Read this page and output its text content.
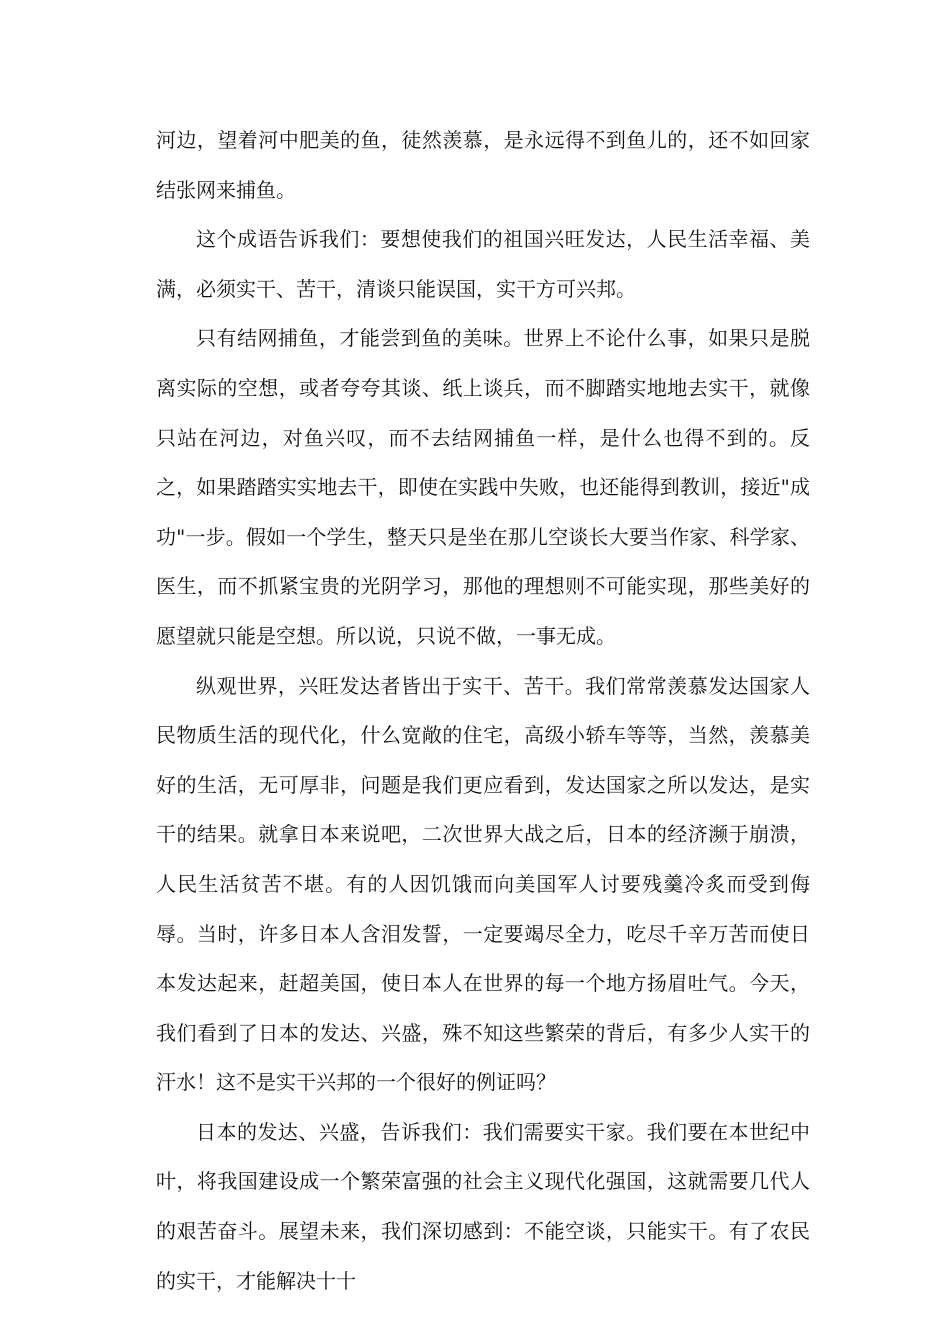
河边，望着河中肥美的鱼，徒然羡慕，是永远得不到鱼儿的，还不如回家结张网来捕鱼。

这个成语告诉我们：要想使我们的祖国兴旺发达，人民生活幸福、美满，必须实干、苦干，清谈只能误国，实干方可兴邦。

只有结网捕鱼，才能尝到鱼的美味。世界上不论什么事，如果只是脱离实际的空想，或者夸夸其谈、纸上谈兵，而不脚踏实地地去实干，就像只站在河边，对鱼兴叹，而不去结网捕鱼一样，是什么也得不到的。反之，如果踏踏实实地去干，即使在实践中失败，也还能得到教训，接近"成功"一步。假如一个学生，整天只是坐在那儿空谈长大要当作家、科学家、医生，而不抓紧宝贵的光阴学习，那他的理想则不可能实现，那些美好的愿望就只能是空想。所以说，只说不做，一事无成。

纵观世界，兴旺发达者皆出于实干、苦干。我们常常羡慕发达国家人民物质生活的现代化，什么宽敞的住宅，高级小轿车等等，当然，羡慕美好的生活，无可厚非，问题是我们更应看到，发达国家之所以发达，是实干的结果。就拿日本来说吧，二次世界大战之后，日本的经济濒于崩溃，人民生活贫苦不堪。有的人因饥饿而向美国军人讨要残羹冷炙而受到侮辱。当时，许多日本人含泪发誓，一定要竭尽全力，吃尽千辛万苦而使日本发达起来，赶超美国，使日本人在世界的每一个地方扬眉吐气。今天，我们看到了日本的发达、兴盛，殊不知这些繁荣的背后，有多少人实干的汗水！这不是实干兴邦的一个很好的例证吗？

日本的发达、兴盛，告诉我们：我们需要实干家。我们要在本世纪中叶，将我国建设成一个繁荣富强的社会主义现代化强国，这就需要几代人的艰苦奋斗。展望未来，我们深切感到：不能空谈，只能实干。有了农民的实干，才能解决十十
